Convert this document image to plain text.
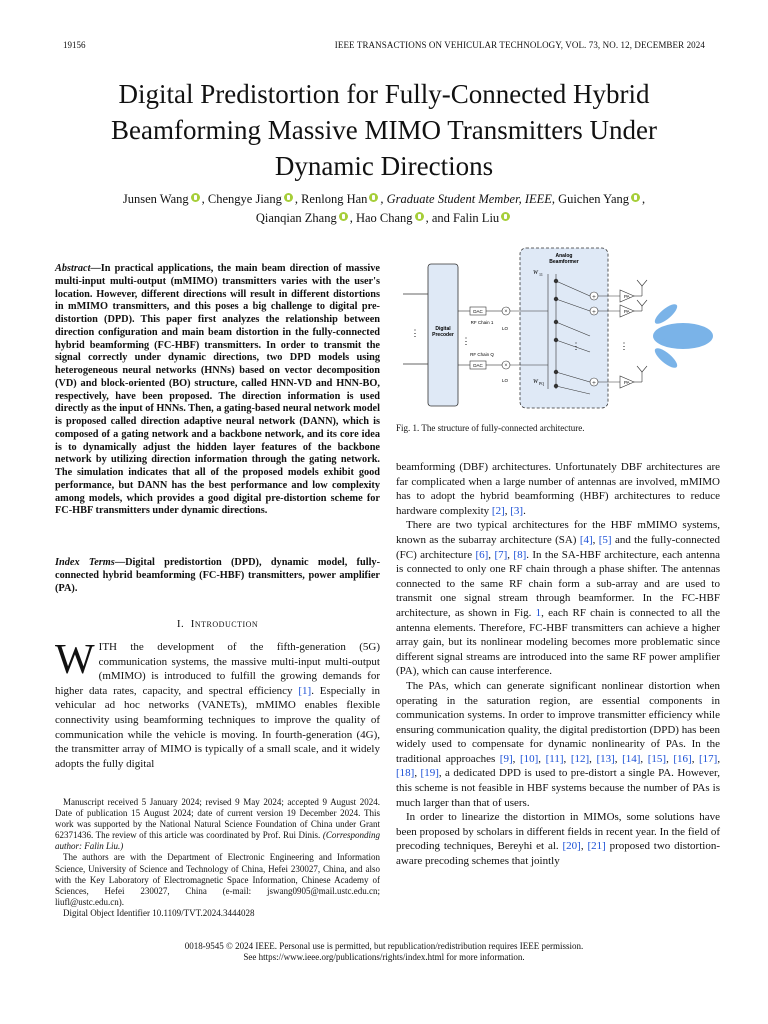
19156	IEEE TRANSACTIONS ON VEHICULAR TECHNOLOGY, VOL. 73, NO. 12, DECEMBER 2024
Digital Predistortion for Fully-Connected Hybrid Beamforming Massive MIMO Transmitters Under Dynamic Directions
Junsen Wang , Chengye Jiang , Renlong Han , Graduate Student Member, IEEE, Guichen Yang ,
Qianqian Zhang , Hao Chang , and Falin Liu
Abstract—In practical applications, the main beam direction of massive multi-input multi-output (mMIMO) transmitters varies with the user's location. However, different directions will result in different distortions in mMIMO transmitters, and this poses a big challenge to digital pre-distortion (DPD). This paper first analyzes the relationship between direction configuration and main beam distortion in the fully-connected hybrid beamforming (FC-HBF) transmitters. In order to transmit the signal correctly under dynamic directions, two DPD models using heterogeneous neural networks (HNNs) based on vector decomposition (VD) and block-oriented (BO) structure, called HNN-VD and HNN-BO, respectively, have been proposed. The direction information is used directly as the input of HNNs. Then, a gating-based neural network model is proposed called direction adaptive neural network (DANN), which is composed of a gating network and a backbone network, and its core idea is to dynamically adjust the hidden layer features of the backbone network by utilizing direction information through the gating network. The simulation indicates that all of the proposed models exhibit good performance, but DANN has the best performance and low complexity among models, which provides a good digital pre-distortion scheme for FC-HBF transmitters under dynamic directions.
Index Terms—Digital predistortion (DPD), dynamic model, fully-connected hybrid beamforming (FC-HBF) transmitters, power amplifier (PA).
I. Introduction
WITH the development of the fifth-generation (5G) communication systems, the massive multi-input multi-output (mMIMO) is introduced to fulfill the growing demands for higher data rates, capacity, and spectral efficiency [1]. Especially in vehicular ad hoc networks (VANETs), mMIMO enables flexible connectivity using beamforming techniques to improve the quality of communication while the vehicle is moving. In fourth-generation (4G), the transmitter array of MIMO is typically of a small scale, and it widely adopts the fully digital

Manuscript received 5 January 2024; revised 9 May 2024; accepted 9 August 2024. Date of publication 15 August 2024; date of current version 19 December 2024. This work was supported by the National Natural Science Foundation of China under Grant 62371436. The review of this article was coordinated by Prof. Rui Dinis. (Corresponding author: Falin Liu.)

The authors are with the Department of Electronic Engineering and Information Science, University of Science and Technology of China, Hefei 230027, China, and also with the Key Laboratory of Electromagnetic Space Information, Chinese Academy of Sciences, Hefei 230027, China (e-mail: jswang0905@mail.ustc.edu.cn; liufl@ustc.edu.cn).

Digital Object Identifier 10.1109/TVT.2024.3444028

Digital
Precoder
⋮
⋮
DAC	×
RF Chain 1
LO
DAC	×
RF Chain Q
LO
Analog
Beamformer
W 11
W PQ
+
+
+
⋮
PA
PA
PA
⋮
Fig. 1. The structure of fully-connected architecture.

beamforming (DBF) architectures. Unfortunately DBF architectures are far complicated when a large number of antennas are involved, mMIMO has to adopt the hybrid beamforming (HBF) architectures to reduce hardware complexity [2], [3].

There are two typical architectures for the HBF mMIMO systems, known as the subarray architecture (SA) [4], [5] and the fully-connected (FC) architecture [6], [7], [8]. In the SA-HBF architecture, each antenna is connected to only one RF chain through a phase shifter. The antennas connected to the same RF chain form a sub-array and are used to transmit one signal stream through beamformer. In the FC-HBF architecture, as shown in Fig. 1, each RF chain is connected to all the antenna elements. Therefore, FC-HBF transmitters can achieve a higher array gain, but its nonlinear modeling becomes more problematic since different signal streams are introduced into the same RF power amplifier (PA), which can cause interference.

The PAs, which can generate significant nonlinear distortion when operating in the saturation region, are essential components in communication systems. In order to improve transmitter efficiency while ensuring communication quality, the digital predistortion (DPD) has been widely used to compensate for dynamic nonlinearity of PAs. In the traditional approaches [9], [10], [11], [12], [13], [14], [15], [16], [17], [18], [19], a dedicated DPD is used to pre-distort a single PA. However, this scheme is not feasible in HBF systems because the number of PAs is much larger than that of users.

In order to linearize the distortion in MIMOs, some solutions have been proposed by scholars in different fields in recent year. In the field of precoding techniques, Bereyhi et al. [20], [21] proposed two distortion-aware precoding schemes that jointly

0018-9545 © 2024 IEEE. Personal use is permitted, but republication/redistribution requires IEEE permission.
See https://www.ieee.org/publications/rights/index.html for more information.
